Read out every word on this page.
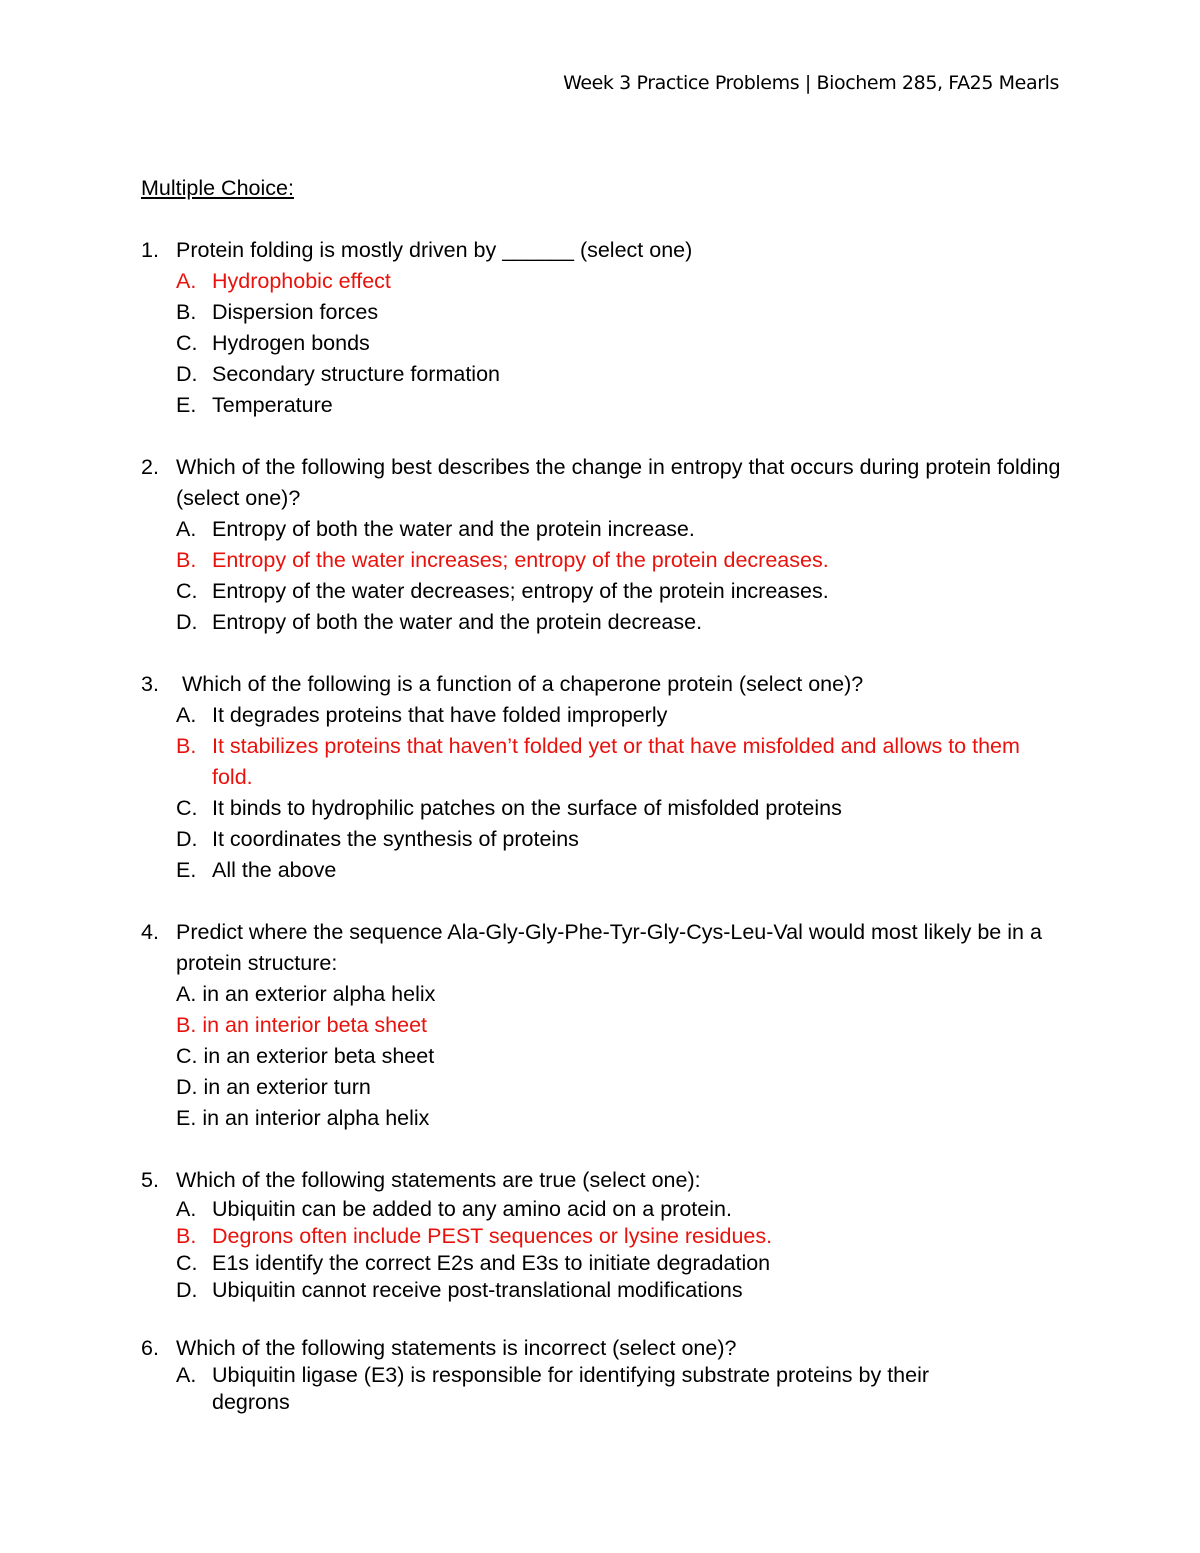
Week 3 Practice Problems | Biochem 285, FA25 Mearls
Multiple Choice:
1. Protein folding is mostly driven by ______ (select one)
A. Hydrophobic effect
B. Dispersion forces
C. Hydrogen bonds
D. Secondary structure formation
E. Temperature
2. Which of the following best describes the change in entropy that occurs during protein folding (select one)?
A. Entropy of both the water and the protein increase.
B. Entropy of the water increases; entropy of the protein decreases.
C. Entropy of the water decreases; entropy of the protein increases.
D. Entropy of both the water and the protein decrease.
3. Which of the following is a function of a chaperone protein (select one)?
A. It degrades proteins that have folded improperly
B. It stabilizes proteins that haven’t folded yet or that have misfolded and allows to them fold.
C. It binds to hydrophilic patches on the surface of misfolded proteins
D. It coordinates the synthesis of proteins
E. All the above
4. Predict where the sequence Ala-Gly-Gly-Phe-Tyr-Gly-Cys-Leu-Val would most likely be in a protein structure:
A. in an exterior alpha helix
B. in an interior beta sheet
C. in an exterior beta sheet
D. in an exterior turn
E. in an interior alpha helix
5. Which of the following statements are true (select one):
A. Ubiquitin can be added to any amino acid on a protein.
B. Degrons often include PEST sequences or lysine residues.
C. E1s identify the correct E2s and E3s to initiate degradation
D. Ubiquitin cannot receive post-translational modifications
6. Which of the following statements is incorrect (select one)?
A. Ubiquitin ligase (E3) is responsible for identifying substrate proteins by their degrons
